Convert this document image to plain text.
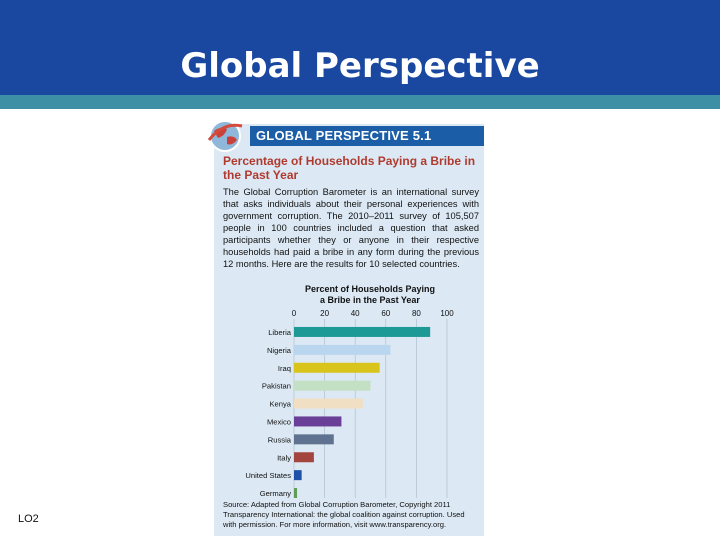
Global Perspective
GLOBAL PERSPECTIVE 5.1
Percentage of Households Paying a Bribe in the Past Year
The Global Corruption Barometer is an international survey that asks individuals about their personal experiences with government corruption. The 2010–2011 survey of 105,507 people in 100 countries included a question that asked participants whether they or anyone in their respective households had paid a bribe in any form during the previous 12 months. Here are the results for 10 selected countries.
Percent of Households Paying
a Bribe in the Past Year
0	20	40	60	80 100
Liberia
Nigeria
Iraq
Pakistan
Kenya
Mexico
Russia
Italy
United States
Germany
Source: Adapted from Global Corruption Barometer, Copyright 2011 Transparency International: the global coalition against corruption. Used with permission. For more information, visit www.transparency.org.
LO2
